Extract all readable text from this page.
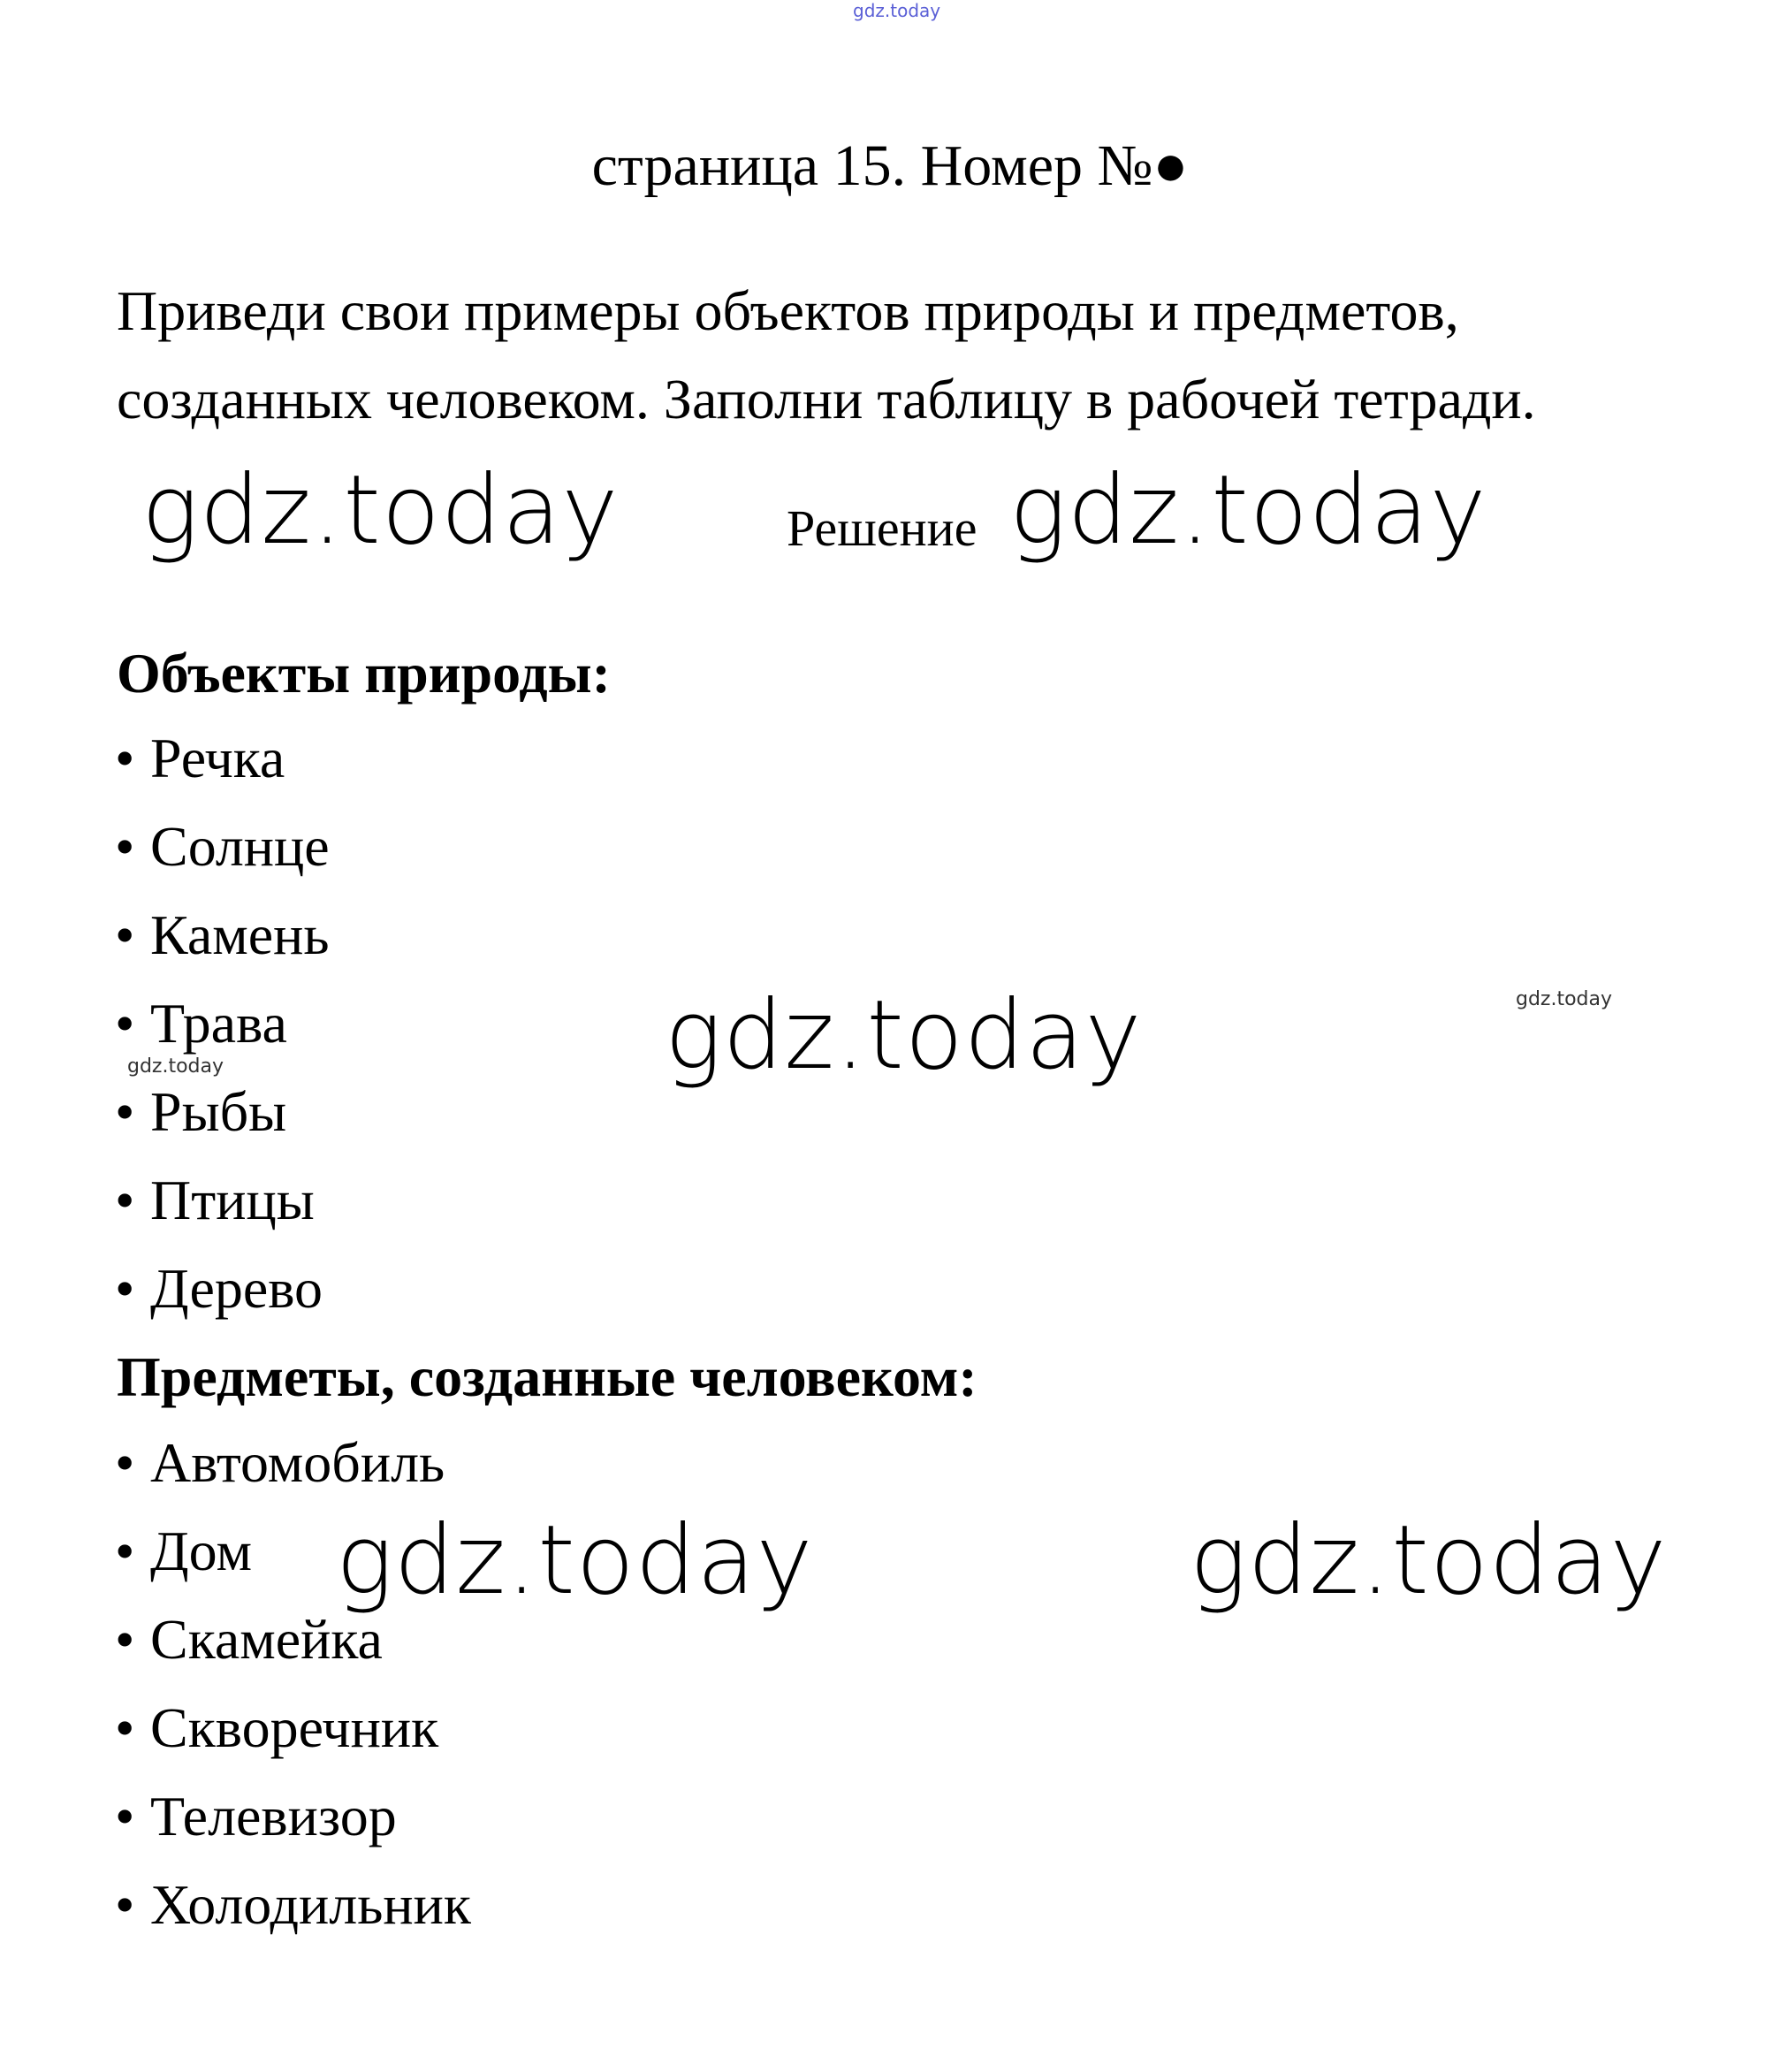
gdz.today
страница 15. Номер №●
Приведи свои примеры объектов природы и предметов,
созданных человеком. Заполни таблицу в рабочей тетради.
gdz.today	Решение gdz.today
Объекты природы:
• Речка
• Солнце
• Камень
• Трава
• Рыбы
• Птицы
• Дерево
gdz.today	gdz.today
gdz.today
Предметы, созданные человеком:
• Автомобиль
• Дом
• Скамейка
• Скворечник
• Телевизор
• Холодильник
gdz.today	gdz.today
